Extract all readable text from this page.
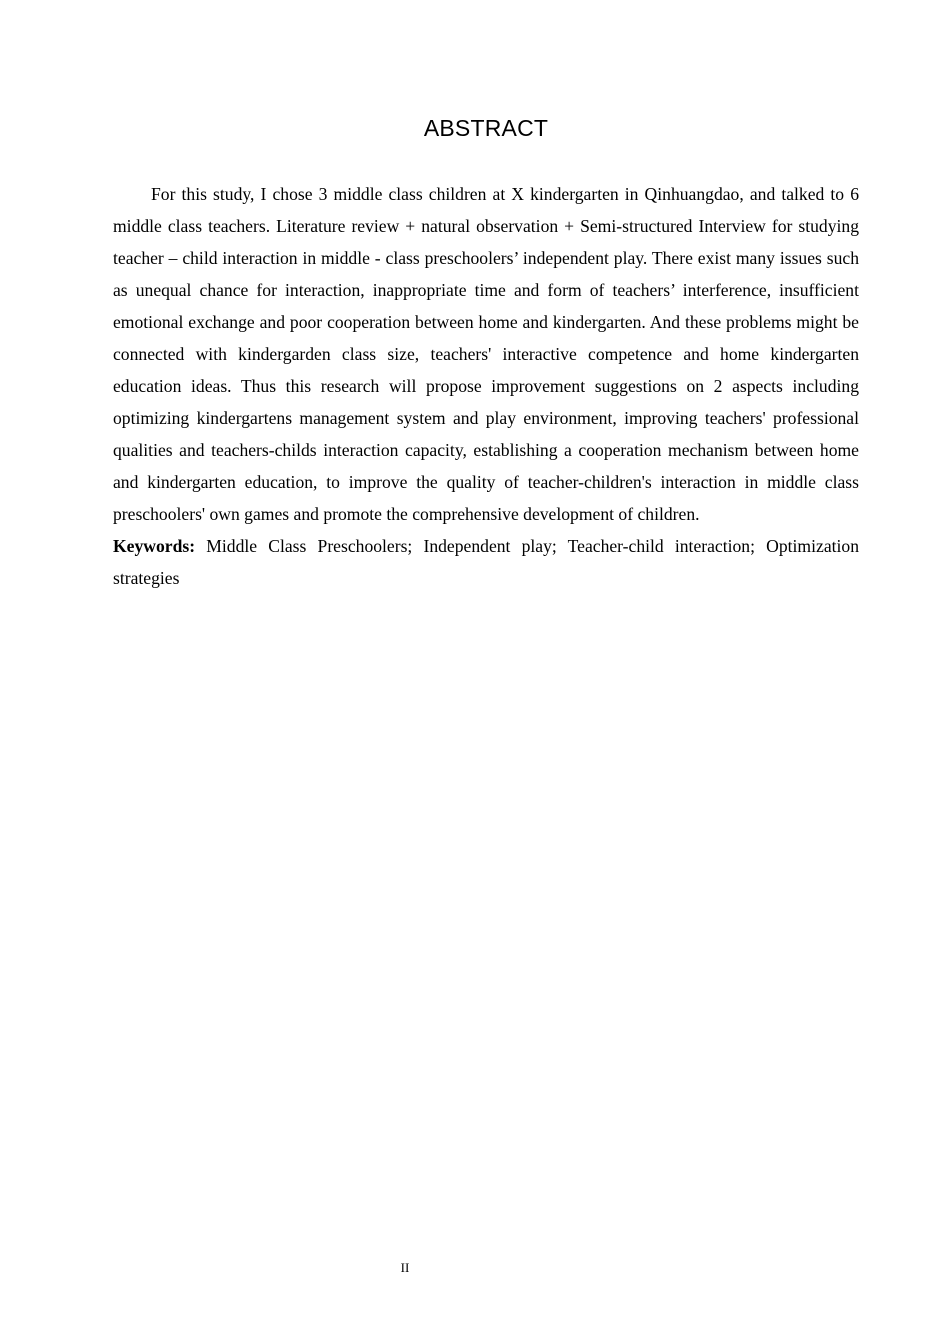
ABSTRACT

For this study, I chose 3 middle class children at X kindergarten in Qinhuangdao, and talked to 6 middle class teachers. Literature review + natural observation + Semi-structured Interview for studying teacher – child interaction in middle - class preschoolers’ independent play. There exist many issues such as unequal chance for interaction, inappropriate time and form of teachers’ interference, insufficient emotional exchange and poor cooperation between home and kindergarten. And these problems might be connected with kindergarden class size, teachers' interactive competence and home kindergarten education ideas. Thus this research will propose improvement suggestions on 2 aspects including optimizing kindergartens management system and play environment, improving teachers' professional qualities and teachers-childs interaction capacity, establishing a cooperation mechanism between home and kindergarten education, to improve the quality of teacher-children's interaction in middle class preschoolers' own games and promote the comprehensive development of children.

Keywords: Middle Class Preschoolers; Independent play; Teacher-child interaction; Optimization strategies

II
